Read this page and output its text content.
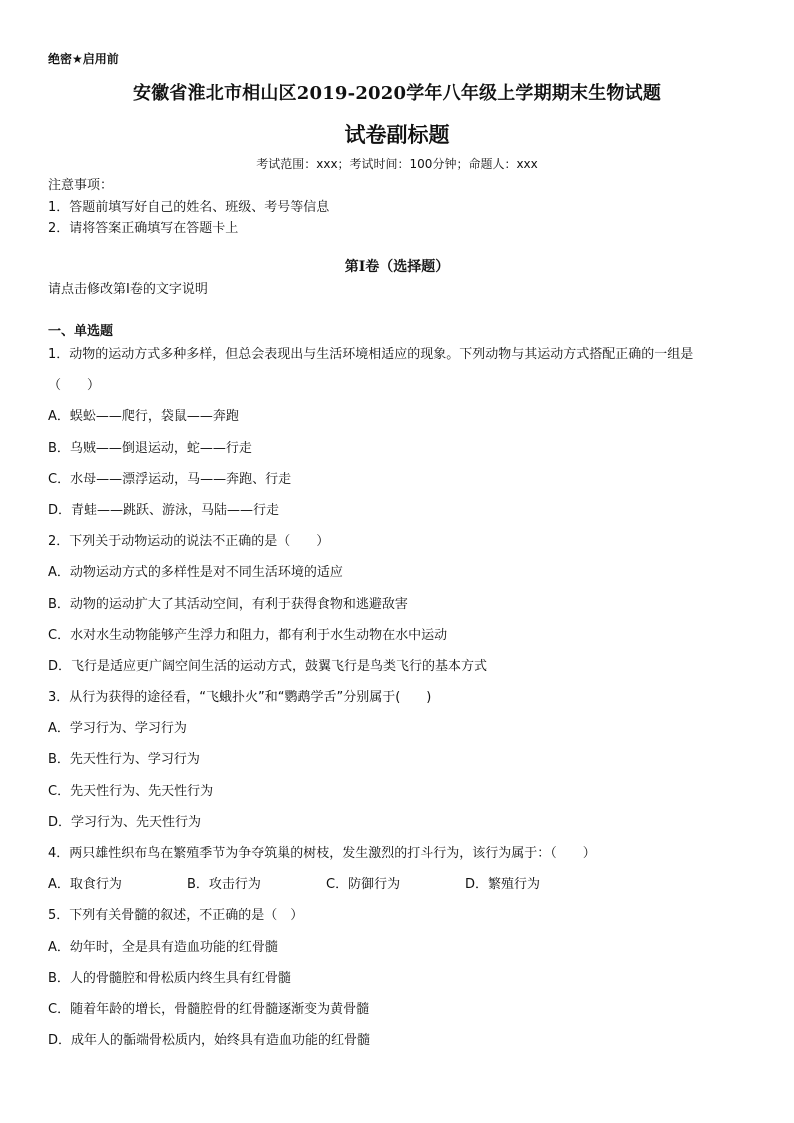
绝密★启用前
安徽省淮北市相山区2019-2020学年八年级上学期期末生物试题
试卷副标题
考试范围：xxx；考试时间：100分钟；命题人：xxx
注意事项：
1．答题前填写好自己的姓名、班级、考号等信息
2．请将答案正确填写在答题卡上
第I卷（选择题）
请点击修改第I卷的文字说明
一、单选题
1．动物的运动方式多种多样，但总会表现出与生活环境相适应的现象。下列动物与其运动方式搭配正确的一组是
（　　）
A．蜈蚣——爬行，袋鼠——奔跑
B．乌贼——倒退运动，蛇——行走
C．水母——漂浮运动，马——奔跑、行走
D．青蛙——跳跃、游泳，马陆——行走
2．下列关于动物运动的说法不正确的是（　　）
A．动物运动方式的多样性是对不同生活环境的适应
B．动物的运动扩大了其活动空间，有利于获得食物和逃避敌害
C．水对水生动物能够产生浮力和阻力，都有利于水生动物在水中运动
D．飞行是适应更广阔空间生活的运动方式，鼓翼飞行是鸟类飞行的基本方式
3．从行为获得的途径看，“飞蛾扑火”和“鹦鹉学舌”分别属于(　　)
A．学习行为、学习行为
B．先天性行为、学习行为
C．先天性行为、先天性行为
D．学习行为、先天性行为
4．两只雄性织布鸟在繁殖季节为争夺筑巢的树枝，发生激烈的打斗行为，该行为属于：（　　）
A．取食行为	B．攻击行为	C．防御行为	D．繁殖行为
5．下列有关骨髓的叙述，不正确的是（　）
A．幼年时，全是具有造血功能的红骨髓
B．人的骨髓腔和骨松质内终生具有红骨髓
C．随着年龄的增长，骨髓腔骨的红骨髓逐渐变为黄骨髓
D．成年人的骺端骨松质内，始终具有造血功能的红骨髓
